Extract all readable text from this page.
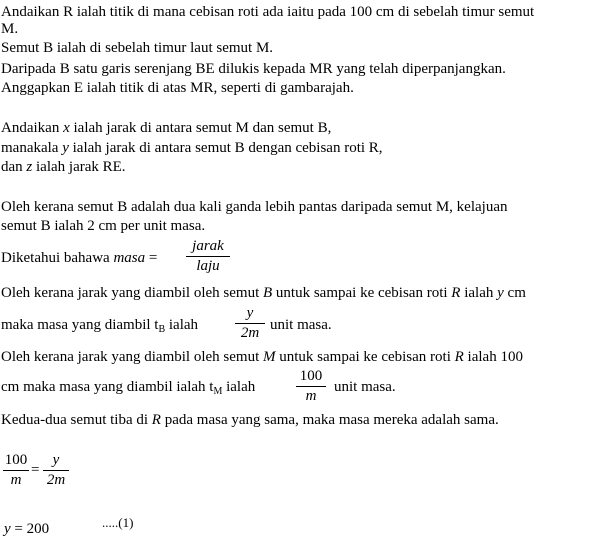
Andaikan R ialah titik di mana cebisan roti ada iaitu pada 100 cm di sebelah timur semut
M.
Semut B ialah di sebelah timur laut semut M.
Daripada B satu garis serenjang BE dilukis kepada MR yang telah diperpanjangkan.
Anggapkan E ialah titik di atas MR, seperti di gambarajah.
Andaikan x ialah jarak di antara semut M dan semut B,
manakala y ialah jarak di antara semut B dengan cebisan roti R,
dan z ialah jarak RE.
Oleh kerana semut B adalah dua kali ganda lebih pantas daripada semut M, kelajuan
semut B ialah 2 cm per unit masa.
Diketahui bahawa masa =
jarak
laju
Oleh kerana jarak yang diambil oleh semut B untuk sampai ke cebisan roti R ialah y cm
maka masa yang diambil $t_B$ ialah
y
2m unit masa.
Oleh kerana jarak yang diambil oleh semut M untuk sampai ke cebisan roti R ialah 100
cm maka masa yang diambil ialah $t_M$ ialah
100
m
unit masa.
Kedua-dua semut tiba di R pada masa yang sama, maka masa mereka adalah sama.
100
m
=
y
2m
y = 200	.....(1)
